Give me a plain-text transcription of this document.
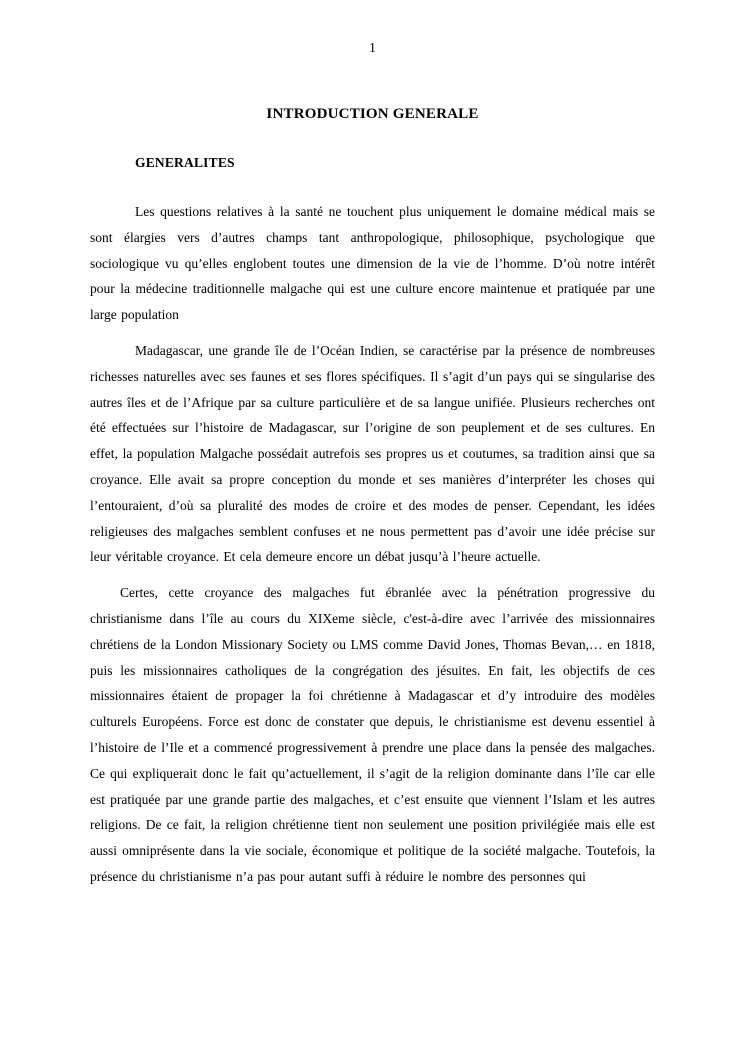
1
INTRODUCTION GENERALE
GENERALITES

Les questions relatives à la santé ne touchent plus uniquement le domaine médical mais se sont élargies vers d’autres champs tant anthropologique, philosophique, psychologique que sociologique vu qu’elles englobent toutes une dimension de la vie de l’homme. D’où notre intérêt pour la médecine traditionnelle malgache qui est une culture encore maintenue et pratiquée par une large population

Madagascar, une grande île de l’Océan Indien, se caractérise par la présence de nombreuses richesses naturelles avec ses faunes et ses flores spécifiques. Il s’agit d’un pays qui se singularise des autres îles et de l’Afrique par sa culture particulière et de sa langue unifiée. Plusieurs recherches ont été effectuées sur l’histoire de Madagascar, sur l’origine de son peuplement et de ses cultures. En effet, la population Malgache possédait autrefois ses propres us et coutumes, sa tradition ainsi que sa croyance. Elle avait sa propre conception du monde et ses manières d’interpréter les choses qui l’entouraient, d’où sa pluralité des modes de croire et des modes de penser. Cependant, les idées religieuses des malgaches semblent confuses et ne nous permettent pas d’avoir une idée précise sur leur véritable croyance. Et cela demeure encore un débat jusqu’à l’heure actuelle.

Certes, cette croyance des malgaches fut ébranlée avec la pénétration progressive du christianisme dans l’île au cours du XIXeme siècle, c'est-à-dire avec l’arrivée des missionnaires chrétiens de la London Missionary Society ou LMS comme David Jones, Thomas Bevan,… en 1818, puis les missionnaires catholiques de la congrégation des jésuites. En fait, les objectifs de ces missionnaires étaient de propager la foi chrétienne à Madagascar et d’y introduire des modèles culturels Européens. Force est donc de constater que depuis, le christianisme est devenu essentiel à l’histoire de l’Ile et a commencé progressivement à prendre une place dans la pensée des malgaches. Ce qui expliquerait donc le fait qu’actuellement, il s’agit de la religion dominante dans l’île car elle est pratiquée par une grande partie des malgaches, et c’est ensuite que viennent l’Islam et les autres religions. De ce fait, la religion chrétienne tient non seulement une position privilégiée mais elle est aussi omniprésente dans la vie sociale, économique et politique de la société malgache. Toutefois, la présence du christianisme n’a pas pour autant suffi à réduire le nombre des personnes qui
